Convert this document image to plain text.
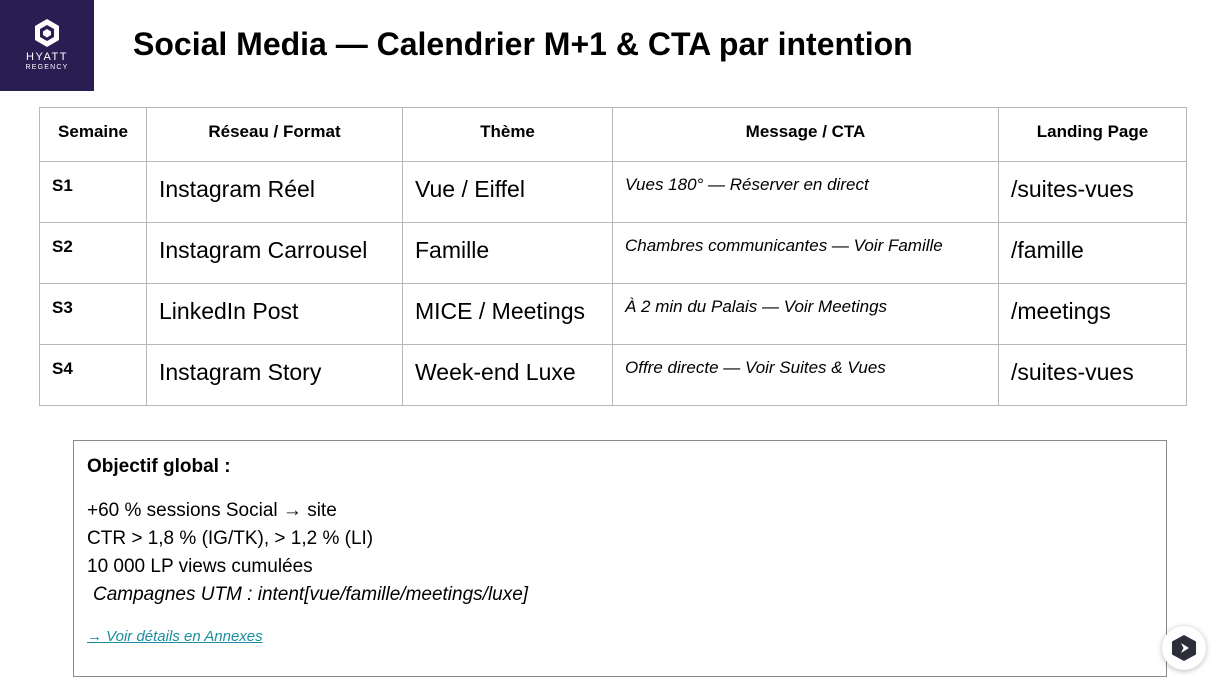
HYATT
REGENCY
Social Media — Calendrier M+1 & CTA par intention
Semaine	Réseau / Format	Thème	Message / CTA	Landing Page
S1	Instagram Réel	Vue / Eiffel	Vues 180° — Réserver en direct	/suites-vues
S2	Instagram Carrousel	Famille	Chambres communicantes — Voir Famille	/famille
S3	LinkedIn Post	MICE / Meetings	À 2 min du Palais — Voir Meetings	/meetings
S4	Instagram Story	Week-end Luxe	Offre directe — Voir Suites & Vues	/suites-vues
Objectif global :
+60 % sessions Social → site
CTR > 1,8 % (IG/TK), > 1,2 % (LI)
10 000 LP views cumulées
Campagnes UTM : intent[vue/famille/meetings/luxe]
→ Voir détails en Annexes
